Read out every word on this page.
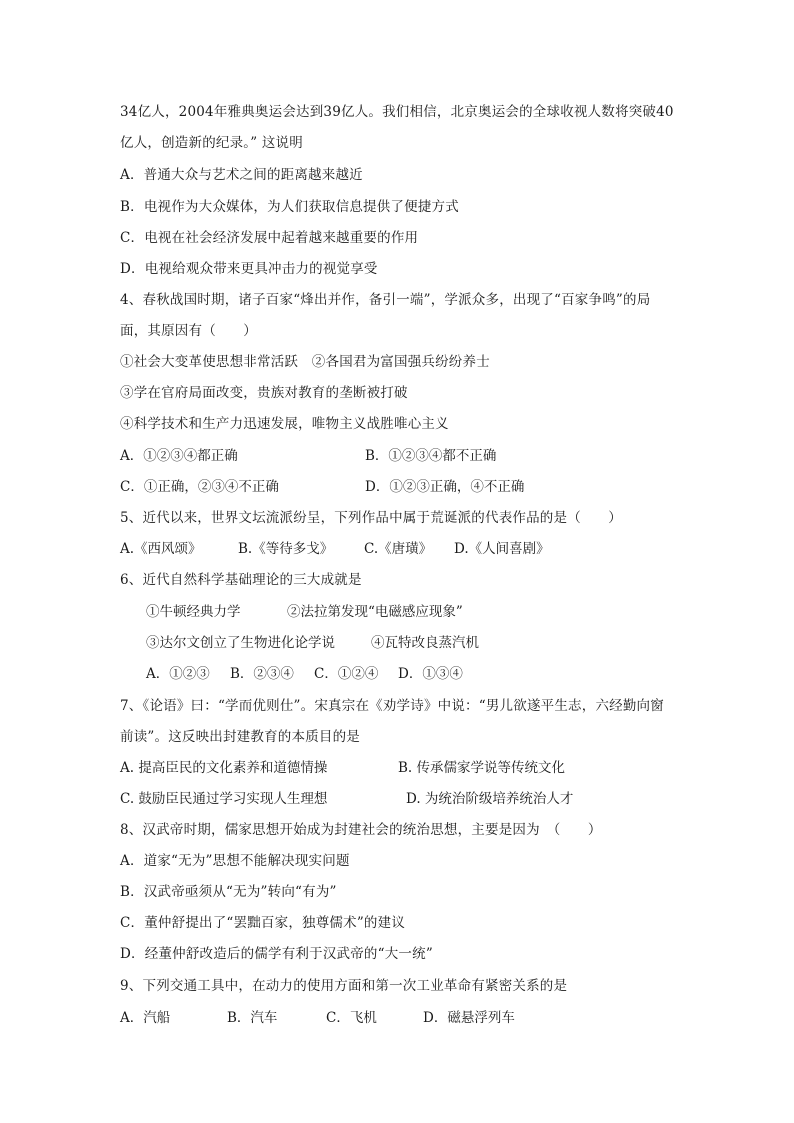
34亿人，2004年雅典奥运会达到39亿人。我们相信，北京奥运会的全球收视人数将突破40
亿人，创造新的纪录。” 这说明
A．普通大众与艺术之间的距离越来越近
B．电视作为大众媒体，为人们获取信息提供了便捷方式
C．电视在社会经济发展中起着越来越重要的作用
D．电视给观众带来更具冲击力的视觉享受
4、春秋战国时期，诸子百家“烽出并作，备引一端”，学派众多，出现了“百家争鸣”的局
面，其原因有（　　）
①社会大变革使思想非常活跃　②各国君为富国强兵纷纷养士
③学在官府局面改变，贵族对教育的垄断被打破
④科学技术和生产力迅速发展，唯物主义战胜唯心主义
A．①②③④都正确	B．①②③④都不正确
C．①正确，②③④不正确	D．①②③正确，④不正确
5、近代以来，世界文坛流派纷呈，下列作品中属于荒诞派的代表作品的是（　　）
A.《西风颂》	B.《等待多戈》 C.《唐璜》 D.《人间喜剧》
6、近代自然科学基础理论的三大成就是
①牛顿经典力学	②法拉第发现“电磁感应现象”
③达尔文创立了生物进化论学说	④瓦特改良蒸汽机
A．①②③ B．②③④ C．①②④ D．①③④
7、《论语》曰：“学而优则仕”。宋真宗在《劝学诗》中说：“男儿欲遂平生志，六经勤向窗
前读”。这反映出封建教育的本质目的是
A. 提高臣民的文化素养和道德情操	B. 传承儒家学说等传统文化
C. 鼓励臣民通过学习实现人生理想	D. 为统治阶级培养统治人才
8、汉武帝时期，儒家思想开始成为封建社会的统治思想，主要是因为　（　　）
A．道家“无为”思想不能解决现实问题
B．汉武帝亟须从“无为”转向“有为”
C．董仲舒提出了“罢黜百家，独尊儒术”的建议
D．经董仲舒改造后的儒学有利于汉武帝的“大一统”
9、下列交通工具中，在动力的使用方面和第一次工业革命有紧密关系的是
A．汽船	B．汽车	C．飞机	D．磁悬浮列车
